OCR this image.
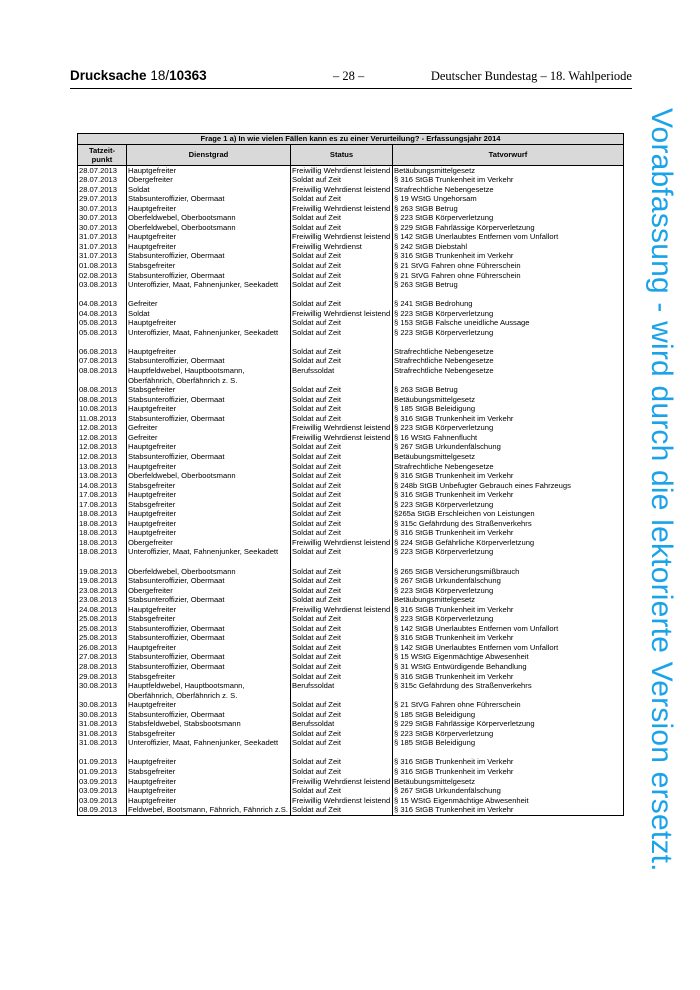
Drucksache 18/10363	– 28 –	Deutscher Bundestag – 18. Wahlperiode
Vorabfassung - wird durch die lektorierte Version ersetzt.
Frage 1 a) In wie vielen Fällen kann es zu einer Verurteilung? - Erfassungsjahr 2014			
Tatzeit-punkt	Dienstgrad	Status	Tatvorwurf
28.07.2013	Hauptgefreiter	Freiwillig Wehrdienst leistend	Betäubungsmittelgesetz
28.07.2013	Obergefreiter	Soldat auf Zeit	§ 316 StGB Trunkenheit im Verkehr
28.07.2013	Soldat	Freiwillig Wehrdienst leistend	Strafrechtliche Nebengesetze
29.07.2013	Stabsunteroffizier, Obermaat	Soldat auf Zeit	§ 19 WStG Ungehorsam
30.07.2013	Hauptgefreiter	Freiwillig Wehrdienst leistend	§ 263 StGB Betrug
30.07.2013	Oberfeldwebel, Oberbootsmann	Soldat auf Zeit	§ 223 StGB Körperverletzung
30.07.2013	Oberfeldwebel, Oberbootsmann	Soldat auf Zeit	§ 229 StGB Fahrlässige Körperverletzung
31.07.2013	Hauptgefreiter	Freiwillig Wehrdienst leistend	§ 142 StGB Unerlaubtes Entfernen vom Unfallort
31.07.2013	Hauptgefreiter	Freiwillig Wehrdienst	§ 242 StGB Diebstahl
31.07.2013	Stabsunteroffizier, Obermaat	Soldat auf Zeit	§ 316 StGB Trunkenheit im Verkehr
01.08.2013	Stabsgefreiter	Soldat auf Zeit	§ 21 StVG Fahren ohne Führerschein
02.08.2013	Stabsunteroffizier, Obermaat	Soldat auf Zeit	§ 21 StVG Fahren ohne Führerschein
03.08.2013	Unteroffizier, Maat, Fahnenjunker, Seekadett	Soldat auf Zeit	§ 263 StGB Betrug

04.08.2013	Gefreiter	Soldat auf Zeit	§ 241 StGB Bedrohung
04.08.2013	Soldat	Freiwillig Wehrdienst leistend	§ 223 StGB Körperverletzung
05.08.2013	Hauptgefreiter	Soldat auf Zeit	§ 153 StGB Falsche uneidliche Aussage
05.08.2013	Unteroffizier, Maat, Fahnenjunker, Seekadett	Soldat auf Zeit	§ 223 StGB Körperverletzung

06.08.2013	Hauptgefreiter	Soldat auf Zeit	Strafrechtliche Nebengesetze
07.08.2013	Stabsunteroffizier, Obermaat	Soldat auf Zeit	Strafrechtliche Nebengesetze
08.08.2013	Hauptfeldwebel, Hauptbootsmann, Oberfähnrich, Oberfähnrich z. S.	Berufssoldat	Strafrechtliche Nebengesetze
08.08.2013	Stabsgefreiter	Soldat auf Zeit	§ 263 StGB Betrug
08.08.2013	Stabsunteroffizier, Obermaat	Soldat auf Zeit	Betäubungsmittelgesetz
10.08.2013	Hauptgefreiter	Soldat auf Zeit	§ 185 StGB Beleidigung
11.08.2013	Stabsunteroffizier, Obermaat	Soldat auf Zeit	§ 316 StGB Trunkenheit im Verkehr
12.08.2013	Gefreiter	Freiwillig Wehrdienst leistend	§ 223 StGB Körperverletzung
12.08.2013	Gefreiter	Freiwillig Wehrdienst leistend	§ 16 WStG Fahnenflucht
12.08.2013	Hauptgefreiter	Soldat auf Zeit	§ 267 StGB Urkundenfälschung
12.08.2013	Stabsunteroffizier, Obermaat	Soldat auf Zeit	Betäubungsmittelgesetz
13.08.2013	Hauptgefreiter	Soldat auf Zeit	Strafrechtliche Nebengesetze
13.08.2013	Oberfeldwebel, Oberbootsmann	Soldat auf Zeit	§ 316 StGB Trunkenheit im Verkehr
14.08.2013	Stabsgefreiter	Soldat auf Zeit	§ 248b StGB Unbefugter Gebrauch eines Fahrzeugs
17.08.2013	Hauptgefreiter	Soldat auf Zeit	§ 316 StGB Trunkenheit im Verkehr
17.08.2013	Stabsgefreiter	Soldat auf Zeit	§ 223 StGB Körperverletzung
18.08.2013	Hauptgefreiter	Soldat auf Zeit	§265a StGB Erschleichen von Leistungen
18.08.2013	Hauptgefreiter	Soldat auf Zeit	§ 315c Gefährdung des Straßenverkehrs
18.08.2013	Hauptgefreiter	Soldat auf Zeit	§ 316 StGB Trunkenheit im Verkehr
18.08.2013	Obergefreiter	Freiwillig Wehrdienst leistend	§ 224 StGB Gefährliche Körperverletzung
18.08.2013	Unteroffizier, Maat, Fahnenjunker, Seekadett	Soldat auf Zeit	§ 223 StGB Körperverletzung

19.08.2013	Oberfeldwebel, Oberbootsmann	Soldat auf Zeit	§ 265 StGB Versicherungsmißbrauch
19.08.2013	Stabsunteroffizier, Obermaat	Soldat auf Zeit	§ 267 StGB Urkundenfälschung
23.08.2013	Obergefreiter	Soldat auf Zeit	§ 223 StGB Körperverletzung
23.08.2013	Stabsunteroffizier, Obermaat	Soldat auf Zeit	Betäubungsmittelgesetz
24.08.2013	Hauptgefreiter	Freiwillig Wehrdienst leistend	§ 316 StGB Trunkenheit im Verkehr
25.08.2013	Stabsgefreiter	Soldat auf Zeit	§ 223 StGB Körperverletzung
25.08.2013	Stabsunteroffizier, Obermaat	Soldat auf Zeit	§ 142 StGB Unerlaubtes Entfernen vom Unfallort
25.08.2013	Stabsunteroffizier, Obermaat	Soldat auf Zeit	§ 316 StGB Trunkenheit im Verkehr
26.08.2013	Hauptgefreiter	Soldat auf Zeit	§ 142 StGB Unerlaubtes Entfernen vom Unfallort
27.08.2013	Stabsunteroffizier, Obermaat	Soldat auf Zeit	§ 15 WStG Eigenmächtige Abwesenheit
28.08.2013	Stabsunteroffizier, Obermaat	Soldat auf Zeit	§ 31 WStG Entwürdigende Behandlung
29.08.2013	Stabsgefreiter	Soldat auf Zeit	§ 316 StGB Trunkenheit im Verkehr
30.08.2013	Hauptfeldwebel, Hauptbootsmann, Oberfähnrich, Oberfähnrich z. S.	Berufssoldat	§ 315c Gefährdung des Straßenverkehrs
30.08.2013	Hauptgefreiter	Soldat auf Zeit	§ 21 StVG Fahren ohne Führerschein
30.08.2013	Stabsunteroffizier, Obermaat	Soldat auf Zeit	§ 185 StGB Beleidigung
31.08.2013	Stabsfeldwebel, Stabsbootsmann	Berufssoldat	§ 229 StGB Fahrlässige Körperverletzung
31.08.2013	Stabsgefreiter	Soldat auf Zeit	§ 223 StGB Körperverletzung
31.08.2013	Unteroffizier, Maat, Fahnenjunker, Seekadett	Soldat auf Zeit	§ 185 StGB Beleidigung

01.09.2013	Hauptgefreiter	Soldat auf Zeit	§ 316 StGB Trunkenheit im Verkehr
01.09.2013	Stabsgefreiter	Soldat auf Zeit	§ 316 StGB Trunkenheit im Verkehr
03.09.2013	Hauptgefreiter	Freiwillig Wehrdienst leistend	Betäubungsmittelgesetz
03.09.2013	Hauptgefreiter	Soldat auf Zeit	§ 267 StGB Urkundenfälschung
03.09.2013	Hauptgefreiter	Freiwillig Wehrdienst leistend	§ 15 WStG Eigenmächtige Abwesenheit
08.09.2013	Feldwebel, Bootsmann, Fähnrich, Fähnrich z.S.	Soldat auf Zeit	§ 316 StGB Trunkenheit im Verkehr
